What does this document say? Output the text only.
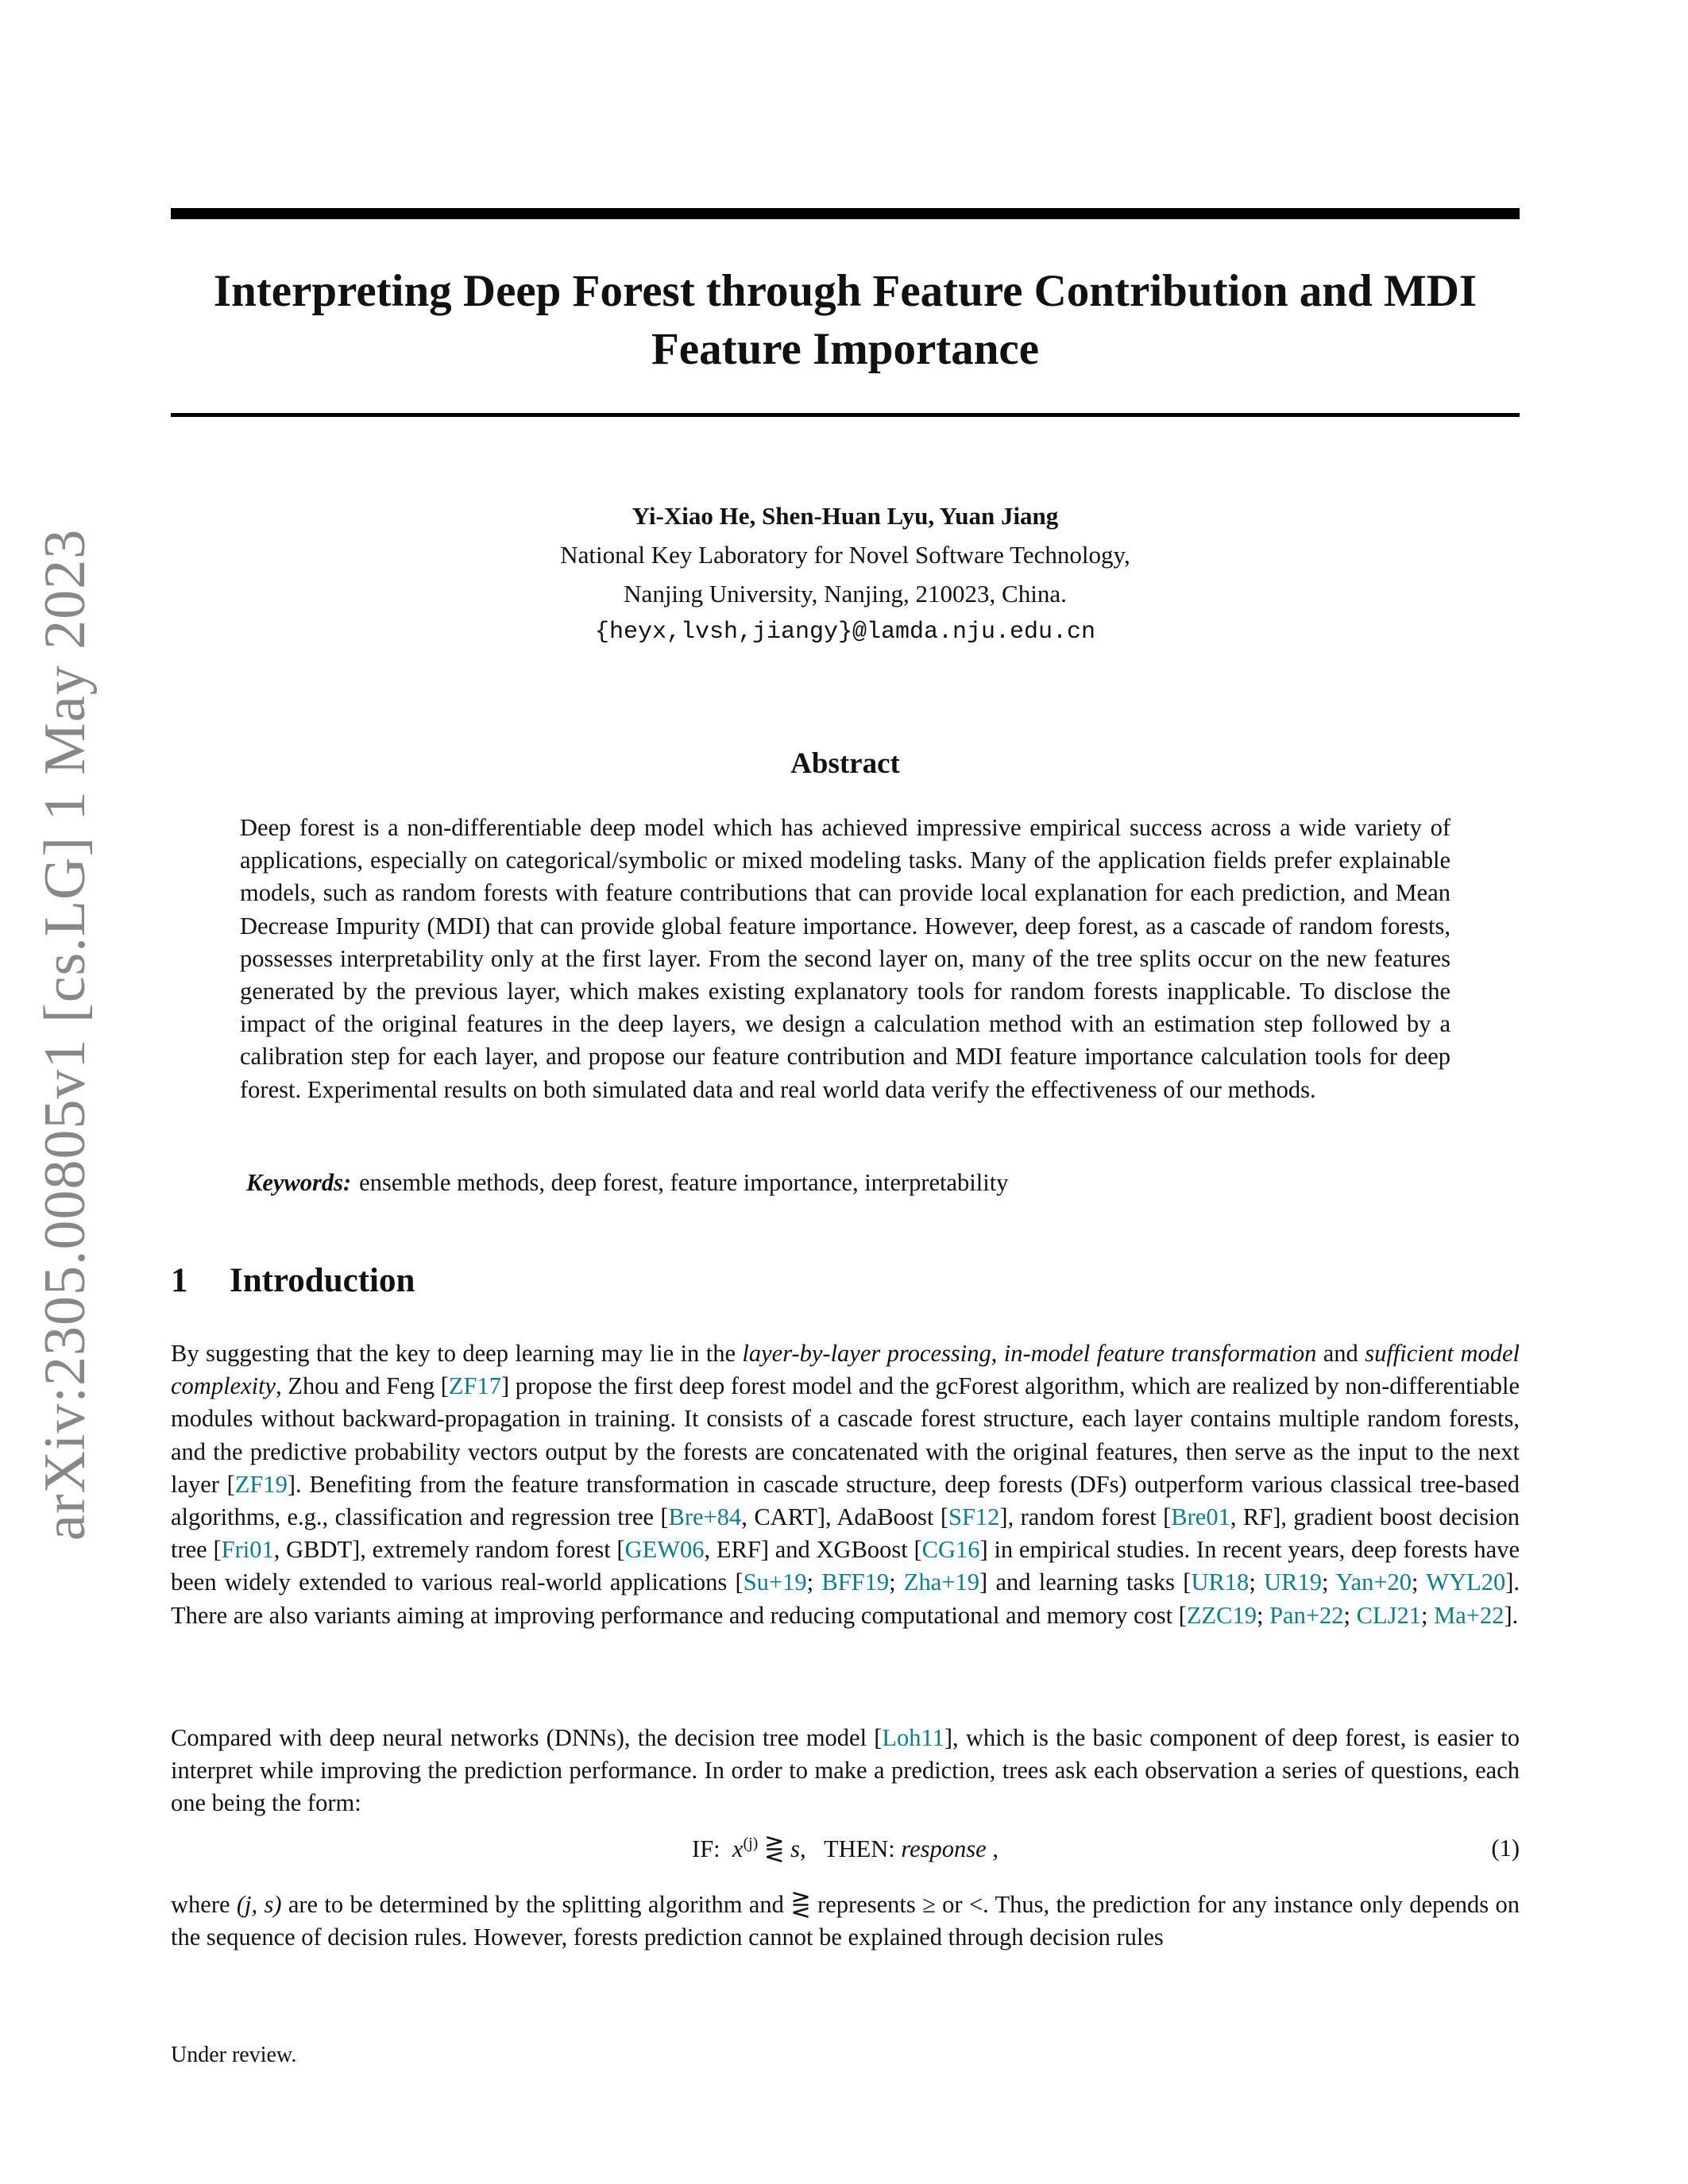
arXiv:2305.00805v1 [cs.LG] 1 May 2023
Interpreting Deep Forest through Feature Contribution and MDI
Feature Importance
Yi-Xiao He, Shen-Huan Lyu, Yuan Jiang
National Key Laboratory for Novel Software Technology,
Nanjing University, Nanjing, 210023, China.
{heyx,lvsh,jiangy}@lamda.nju.edu.cn
Abstract
Deep forest is a non-differentiable deep model which has achieved impressive empirical success across a wide variety of applications, especially on categorical/symbolic or mixed modeling tasks. Many of the application fields prefer explainable models, such as random forests with feature contributions that can provide local explanation for each prediction, and Mean Decrease Impurity (MDI) that can provide global feature importance. However, deep forest, as a cascade of random forests, possesses interpretability only at the first layer. From the second layer on, many of the tree splits occur on the new features generated by the previous layer, which makes existing explanatory tools for random forests inapplicable. To disclose the impact of the original features in the deep layers, we design a calculation method with an estimation step followed by a calibration step for each layer, and propose our feature contribution and MDI feature importance calculation tools for deep forest. Experimental results on both simulated data and real world data verify the effectiveness of our methods.
Keywords: ensemble methods, deep forest, feature importance, interpretability
1 Introduction
By suggesting that the key to deep learning may lie in the layer-by-layer processing, in-model feature transformation and sufficient model complexity, Zhou and Feng [ZF17] propose the first deep forest model and the gcForest algorithm, which are realized by non-differentiable modules without backward-propagation in training. It consists of a cascade forest structure, each layer contains multiple random forests, and the predictive probability vectors output by the forests are concatenated with the original features, then serve as the input to the next layer [ZF19]. Benefiting from the feature transformation in cascade structure, deep forests (DFs) outperform various classical tree-based algorithms, e.g., classification and regression tree [Bre+84, CART], AdaBoost [SF12], random forest [Bre01, RF], gradient boost decision tree [Fri01, GBDT], extremely random forest [GEW06, ERF] and XGBoost [CG16] in empirical studies. In recent years, deep forests have been widely extended to various real-world applications [Su+19; BFF19; Zha+19] and learning tasks [UR18; UR19; Yan+20; WYL20]. There are also variants aiming at improving performance and reducing computational and memory cost [ZZC19; Pan+22; CLJ21; Ma+22].
Compared with deep neural networks (DNNs), the decision tree model [Loh11], which is the basic component of deep forest, is easier to interpret while improving the prediction performance. In order to make a prediction, trees ask each observation a series of questions, each one being the form:
IF: $x^{(j)}$ ⋛ s, THEN: response ,	(1)
where (j, s) are to be determined by the splitting algorithm and ⋛ represents ≥ or <. Thus, the prediction for any instance only depends on the sequence of decision rules. However, forests prediction cannot be explained through decision rules
Under review.
